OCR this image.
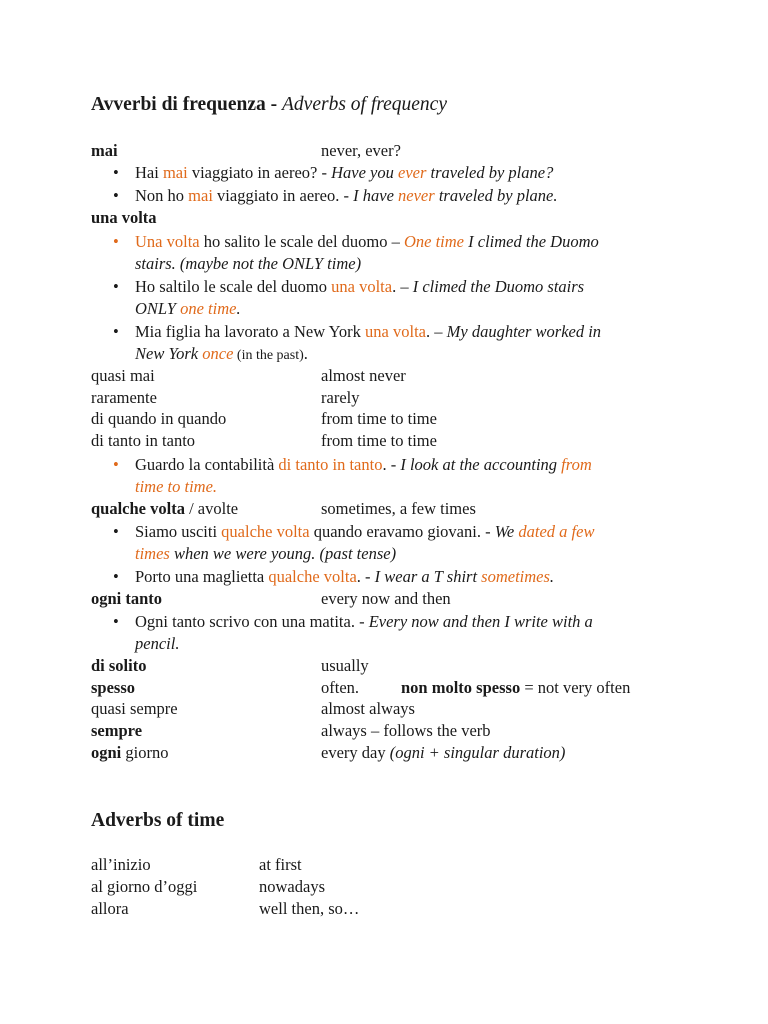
Avverbi di frequenza - Adverbs of frequency
mai	never, ever?
• Hai mai viaggiato in aereo? - Have you ever traveled by plane?
• Non ho mai viaggiato in aereo. - I have never traveled by plane.
una volta
• Una volta ho salito le scale del duomo – One time I climed the Duomo
stairs. (maybe not the ONLY time)
• Ho saltilo le scale del duomo una volta. – I climed the Duomo stairs
ONLY one time.
• Mia figlia ha lavorato a New York una volta. – My daughter worked in
New York once (in the past).
quasi mai	almost never
raramente	rarely
di quando in quando	from time to time
di tanto in tanto	from time to time
• Guardo la contabilità di tanto in tanto. - I look at the accounting from
time to time.
qualche volta / avolte	sometimes, a few times
• Siamo usciti qualche volta quando eravamo giovani. - We dated a few
times when we were young. (past tense)
• Porto una maglietta qualche volta. - I wear a T shirt sometimes.
ogni tanto	every now and then
• Ogni tanto scrivo con una matita. - Every now and then I write with a
pencil.
di solito	usually
spesso	often.	non molto spesso = not very often
quasi sempre	almost always
sempre	always – follows the verb
ogni giorno	every day (ogni + singular duration)
Adverbs of time
all’inizio	at first
al giorno d’oggi	nowadays
allora	well then, so…
